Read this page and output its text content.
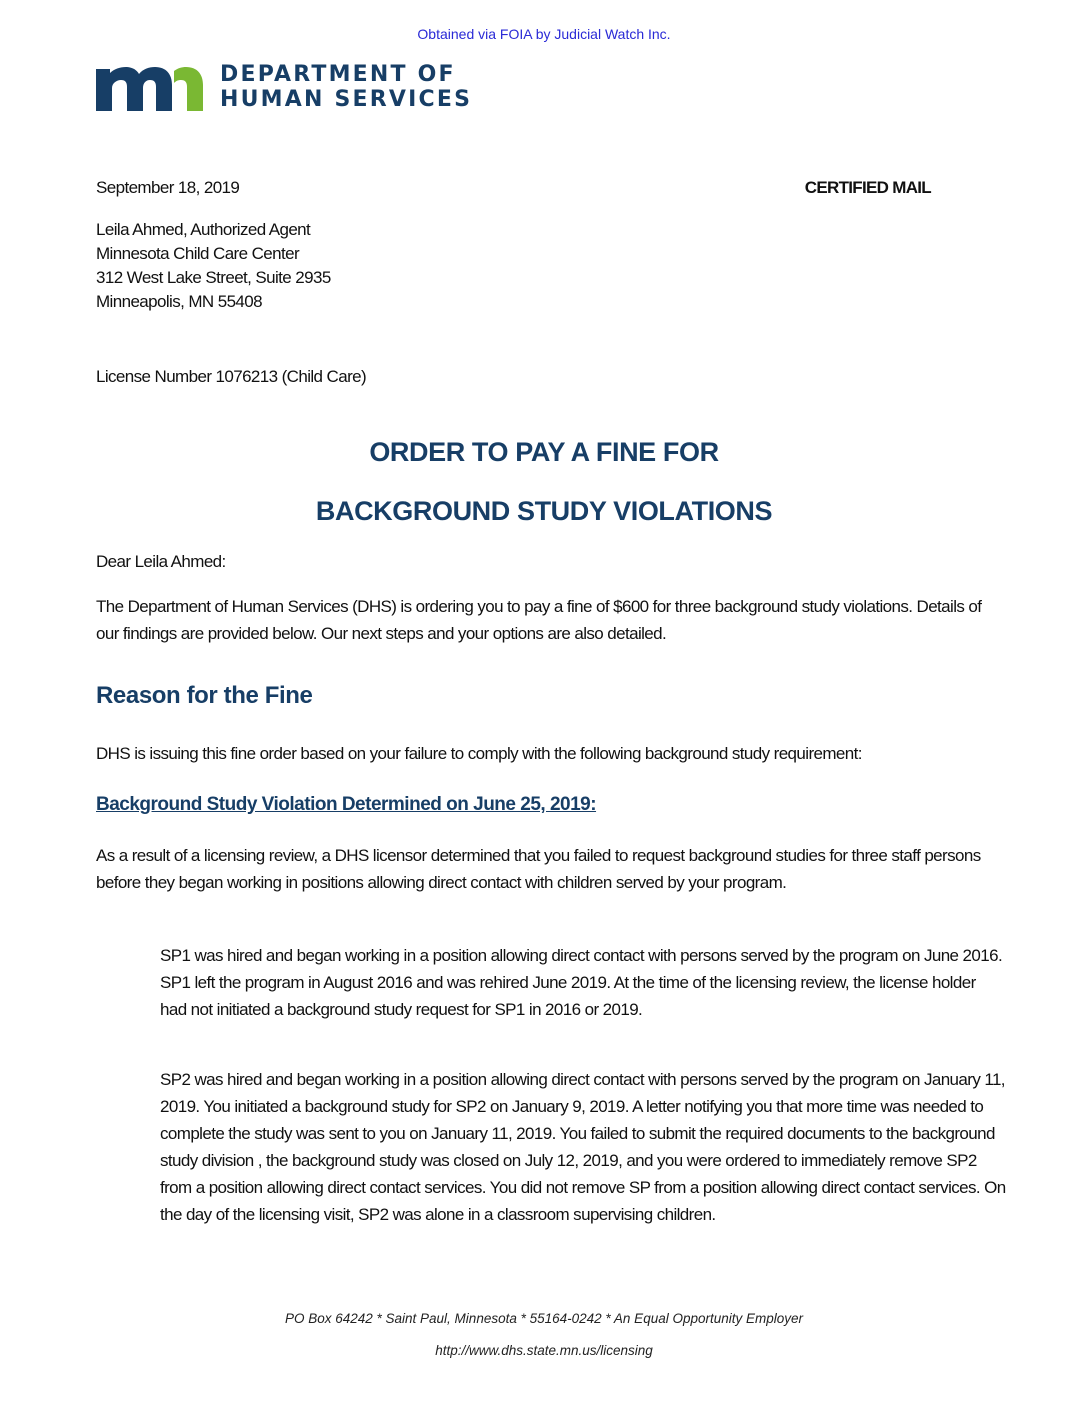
Obtained via FOIA by Judicial Watch Inc.
DEPARTMENT OF
HUMAN SERVICES
September 18, 2019	CERTIFIED MAIL
Leila Ahmed, Authorized Agent
Minnesota Child Care Center
312 West Lake Street, Suite 2935
Minneapolis, MN 55408
License Number 1076213 (Child Care)
ORDER TO PAY A FINE FOR
BACKGROUND STUDY VIOLATIONS
Dear Leila Ahmed:
The Department of Human Services (DHS) is ordering you to pay a fine of $600 for three background study violations. Details of our findings are provided below. Our next steps and your options are also detailed.
Reason for the Fine
DHS is issuing this fine order based on your failure to comply with the following background study requirement:
Background Study Violation Determined on June 25, 2019:
As a result of a licensing review, a DHS licensor determined that you failed to request background studies for three staff persons before they began working in positions allowing direct contact with children served by your program.
SP1 was hired and began working in a position allowing direct contact with persons served by the program on June 2016. SP1 left the program in August 2016 and was rehired June 2019. At the time of the licensing review, the license holder had not initiated a background study request for SP1 in 2016 or 2019.
SP2 was hired and began working in a position allowing direct contact with persons served by the program on January 11, 2019. You initiated a background study for SP2 on January 9, 2019. A letter notifying you that more time was needed to complete the study was sent to you on January 11, 2019. You failed to submit the required documents to the background study division , the background study was closed on July 12, 2019, and you were ordered to immediately remove SP2 from a position allowing direct contact services. You did not remove SP from a position allowing direct contact services. On the day of the licensing visit, SP2 was alone in a classroom supervising children.
PO Box 64242 * Saint Paul, Minnesota * 55164-0242 * An Equal Opportunity Employer
http://www.dhs.state.mn.us/licensing
